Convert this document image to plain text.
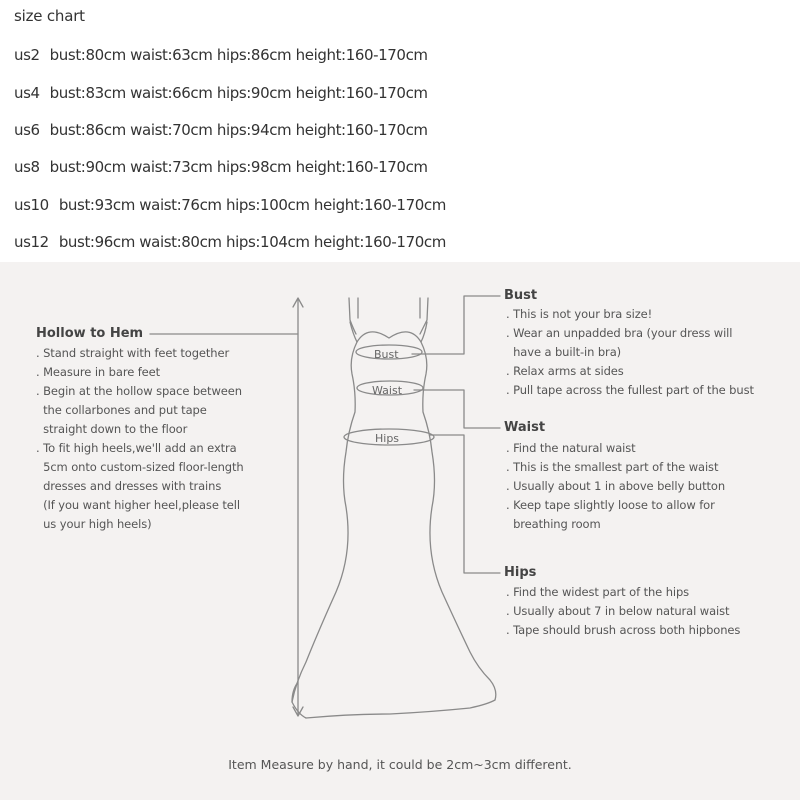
size chart
us2 bust:80cm waist:63cm hips:86cm height:160-170cm
us4 bust:83cm waist:66cm hips:90cm height:160-170cm
us6 bust:86cm waist:70cm hips:94cm height:160-170cm
us8 bust:90cm waist:73cm hips:98cm height:160-170cm
us10 bust:93cm waist:76cm hips:100cm height:160-170cm
us12 bust:96cm waist:80cm hips:104cm height:160-170cm
Bust
Waist
Hips
Hollow to Hem
. Stand straight with feet together
. Measure in bare feet
. Begin at the hollow space between
the collarbones and put tape
straight down to the floor
. To fit high heels,we'll add an extra
5cm onto custom-sized floor-length
dresses and dresses with trains
(If you want higher heel,please tell
us your high heels)
Bust
. This is not your bra size!
. Wear an unpadded bra (your dress will
have a built-in bra)
. Relax arms at sides
. Pull tape across the fullest part of the bust
Waist
. Find the natural waist
. This is the smallest part of the waist
. Usually about 1 in above belly button
. Keep tape slightly loose to allow for
breathing room
Hips
. Find the widest part of the hips
. Usually about 7 in below natural waist
. Tape should brush across both hipbones
Item Measure by hand, it could be 2cm~3cm different.
